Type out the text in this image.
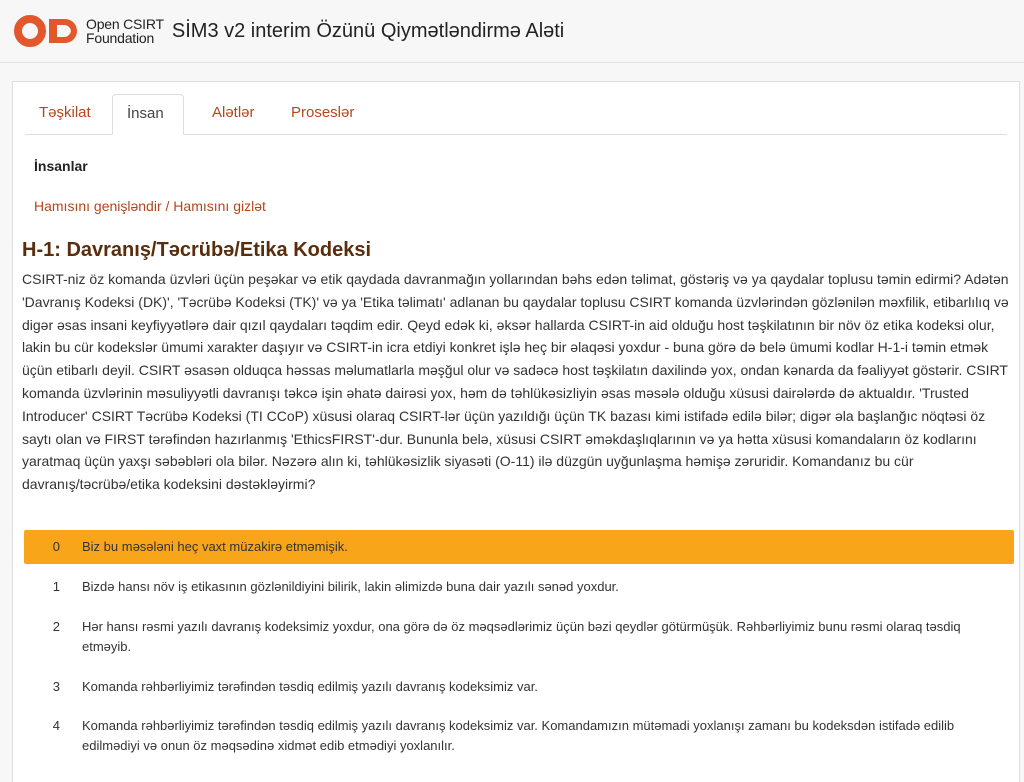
Open CSIRT
Foundation SİM3 v2 interim Özünü Qiymətləndirmə Aləti
Təşkilat	İnsan	Alətlər	Proseslər
İnsanlar
Hamısını genişləndir / Hamısını gizlət
H-1: Davranış/Təcrübə/Etika Kodeksi
CSIRT-niz öz komanda üzvləri üçün peşəkar və etik qaydada davranmağın yollarından bəhs edən təlimat, göstəriş və ya qaydalar toplusu təmin edirmi? Adətən 'Davranış Kodeksi (DK)', 'Təcrübə Kodeksi (TK)' və ya 'Etika təlimatı' adlanan bu qaydalar toplusu CSIRT komanda üzvlərindən gözlənilən məxfilik, etibarlılıq və digər əsas insani keyfiyyətlərə dair qızıl qaydaları təqdim edir. Qeyd edək ki, əksər hallarda CSIRT-in aid olduğu host təşkilatının bir növ öz etika kodeksi olur, lakin bu cür kodekslər ümumi xarakter daşıyır və CSIRT-in icra etdiyi konkret işlə heç bir əlaqəsi yoxdur - buna görə də belə ümumi kodlar H-1-i təmin etmək üçün etibarlı deyil. CSIRT əsasən olduqca həssas məlumatlarla məşğul olur və sadəcə host təşkilatın daxilində yox, ondan kənarda da fəaliyyət göstərir. CSIRT komanda üzvlərinin məsuliyyətli davranışı təkcə işin əhatə dairəsi yox, həm də təhlükəsizliyin əsas məsələ olduğu xüsusi dairələrdə də aktualdır. 'Trusted Introducer' CSIRT Təcrübə Kodeksi (TI CCoP) xüsusi olaraq CSIRT-lər üçün yazıldığı üçün TK bazası kimi istifadə edilə bilər; digər əla başlanğıc nöqtəsi öz saytı olan və FIRST tərəfindən hazırlanmış 'EthicsFIRST'-dur. Bununla belə, xüsusi CSIRT əməkdaşlıqlarının və ya hətta xüsusi komandaların öz kodlarını yaratmaq üçün yaxşı səbəbləri ola bilər. Nəzərə alın ki, təhlükəsizlik siyasəti (O-11) ilə düzgün uyğunlaşma həmişə zəruridir. Komandanız bu cür davranış/təcrübə/etika kodeksini dəstəkləyirmi?
0 Biz bu məsələni heç vaxt müzakirə etməmişik.
1 Bizdə hansı növ iş etikasının gözlənildiyini bilirik, lakin əlimizdə buna dair yazılı sənəd yoxdur.
2 Hər hansı rəsmi yazılı davranış kodeksimiz yoxdur, ona görə də öz məqsədlərimiz üçün bəzi qeydlər götürmüşük. Rəhbərliyimiz bunu rəsmi olaraq təsdiq etməyib.
3 Komanda rəhbərliyimiz tərəfindən təsdiq edilmiş yazılı davranış kodeksimiz var.
4 Komanda rəhbərliyimiz tərəfindən təsdiq edilmiş yazılı davranış kodeksimiz var. Komandamızın mütəmadi yoxlanışı zamanı bu kodeksdən istifadə edilib edilmədiyi və onun öz məqsədinə xidmət edib etmədiyi yoxlanılır.
